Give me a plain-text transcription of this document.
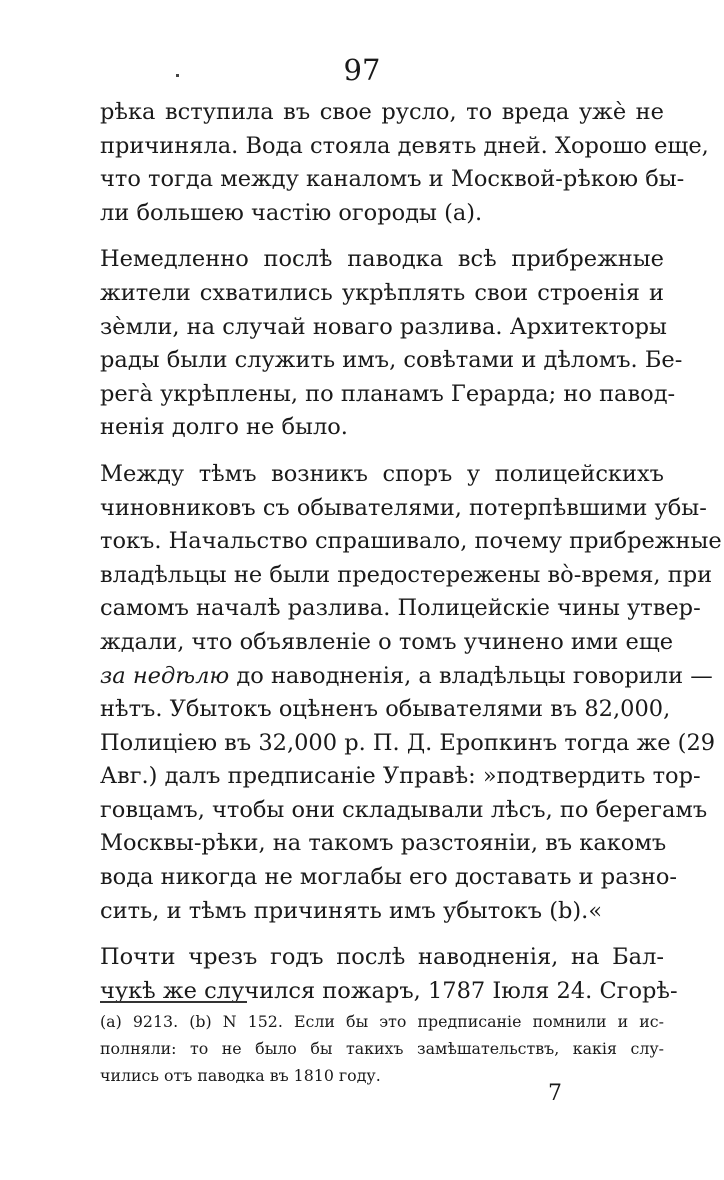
97
рѣка вступила въ свое русло, то вреда ужѐ не
причиняла. Вода стояла девять дней. Хорошо еще,
что тогда между каналомъ и Москвой-рѣкою бы-
ли большею частію огороды (а).
Немедленно послѣ паводка всѣ прибрежные
жители схватились укрѣплять свои строенія и
зѐмли, на случай новаго разлива. Архитекторы
рады были служить имъ, совѣтами и дѣломъ. Бе-
регà укрѣплены, по планамъ Герарда; но павод-
ненія долго не было.
Между тѣмъ возникъ споръ у полицейскихъ
чиновниковъ съ обывателями, потерпѣвшими убы-
токъ. Начальство спрашивало, почему прибрежные
владѣльцы не были предостережены во̀-время, при
самомъ началѣ разлива. Полицейскіе чины утвер-
ждали, что объявленіе о томъ учинено ими еще
за недѣлю до наводненія, а владѣльцы говорили —
нѣтъ. Убытокъ оцѣненъ обывателями въ 82,000,
Полиціею въ 32,000 р. П. Д. Еропкинъ тогда же (29
Авг.) далъ предписаніе Управѣ: »подтвердить тор-
говцамъ, чтобы они складывали лѣсъ, по берегамъ
Москвы-рѣки, на такомъ разстояніи, въ какомъ
вода никогда не моглабы его доставать и разно-
сить, и тѣмъ причинять имъ убытокъ (b).«
Почти чрезъ годъ послѣ наводненія, на Бал-
чукѣ же случился пожаръ, 1787 Іюля 24. Сгорѣ-
(а) 9213. (b) N 152. Если бы это предписаніе помнили и ис-
полняли: то не было бы такихъ замѣшательствъ, какія слу-
чились отъ паводка въ 1810 году.
7
